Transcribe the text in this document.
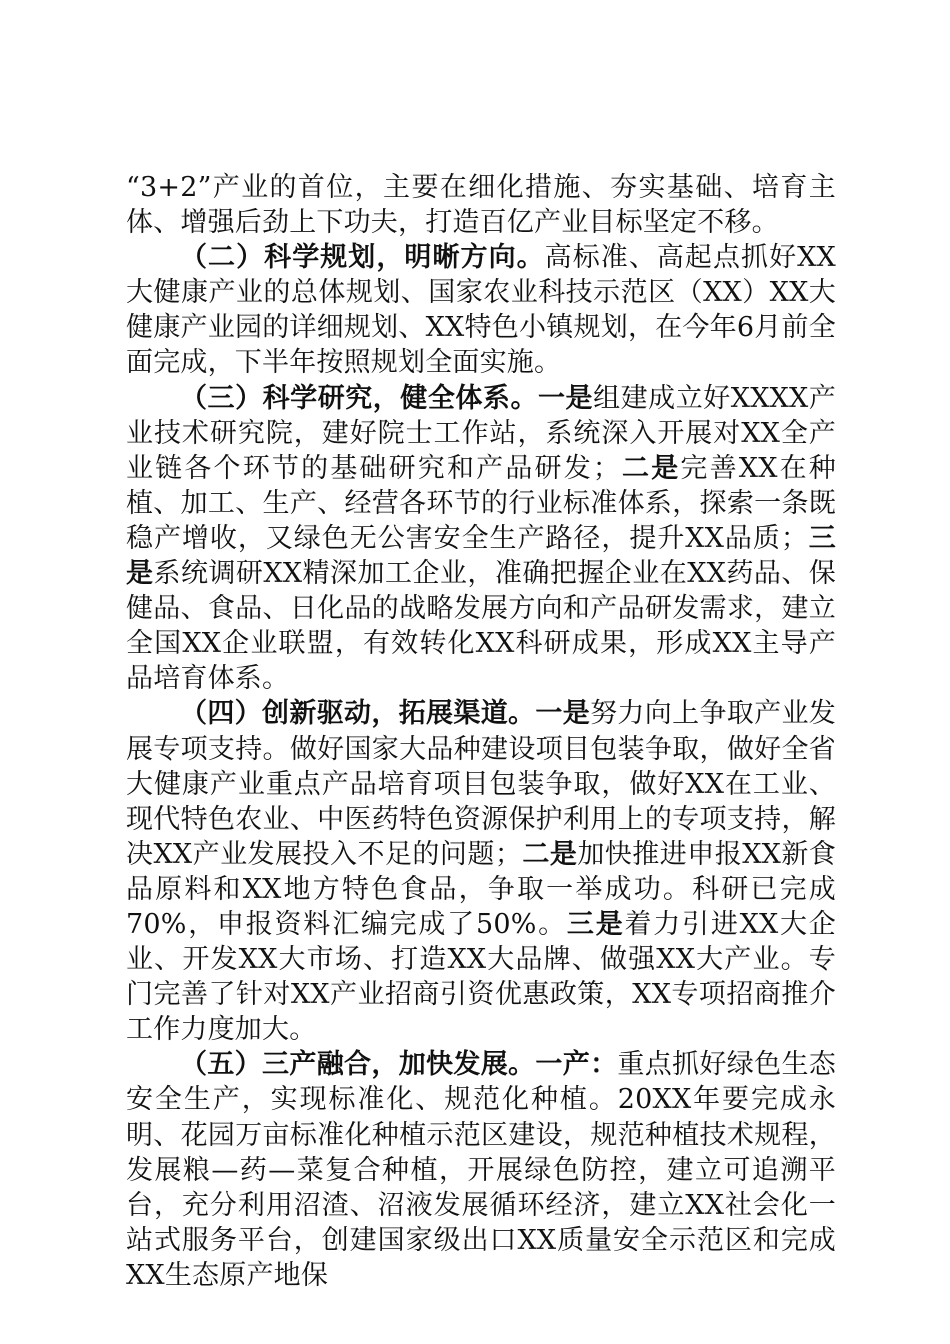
“3+2”产业的首位，主要在细化措施、夯实基础、培育主体、增强后劲上下功夫，打造百亿产业目标坚定不移。

（二）科学规划，明晰方向。高标准、高起点抓好XX大健康产业的总体规划、国家农业科技示范区（XX）XX大健康产业园的详细规划、XX特色小镇规划，在今年6月前全面完成，下半年按照规划全面实施。

（三）科学研究，健全体系。一是组建成立好XXXX产业技术研究院，建好院士工作站，系统深入开展对XX全产业链各个环节的基础研究和产品研发；二是完善XX在种植、加工、生产、经营各环节的行业标准体系，探索一条既稳产增收，又绿色无公害安全生产路径，提升XX品质；三是系统调研XX精深加工企业，准确把握企业在XX药品、保健品、食品、日化品的战略发展方向和产品研发需求，建立全国XX企业联盟，有效转化XX科研成果，形成XX主导产品培育体系。

（四）创新驱动，拓展渠道。一是努力向上争取产业发展专项支持。做好国家大品种建设项目包装争取，做好全省大健康产业重点产品培育项目包装争取，做好XX在工业、现代特色农业、中医药特色资源保护利用上的专项支持，解决XX产业发展投入不足的问题；二是加快推进申报XX新食品原料和XX地方特色食品，争取一举成功。科研已完成70%，申报资料汇编完成了50%。三是着力引进XX大企业、开发XX大市场、打造XX大品牌、做强XX大产业。专门完善了针对XX产业招商引资优惠政策，XX专项招商推介工作力度加大。

（五）三产融合，加快发展。一产：重点抓好绿色生态安全生产，实现标准化、规范化种植。20XX年要完成永明、花园万亩标准化种植示范区建设，规范种植技术规程，发展粮—药—菜复合种植，开展绿色防控，建立可追溯平台，充分利用沼渣、沼液发展循环经济，建立XX社会化一站式服务平台，创建国家级出口XX质量安全示范区和完成XX生态原产地保
